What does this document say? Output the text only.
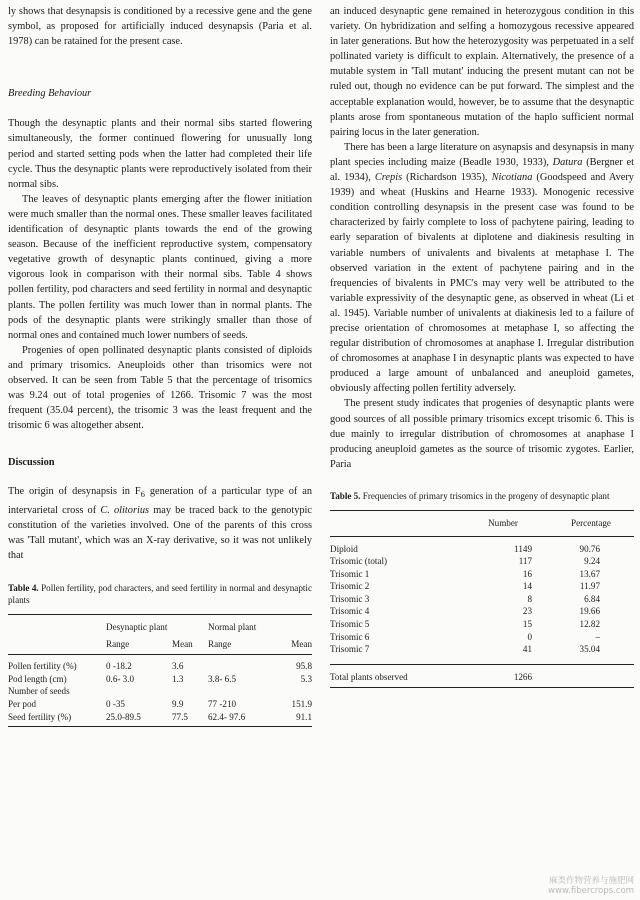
ly shows that desynapsis is conditioned by a recessive gene and the gene symbol, as proposed for artificially induced desynapsis (Paria et al. 1978) can be ratained for the present case.

Breeding Behaviour

Though the desynaptic plants and their normal sibs started flowering simultaneously, the former continued flowering for unusually long period and started setting pods when the latter had completed their life cycle. Thus the desynaptic plants were reproductively isolated from their normal sibs.

The leaves of desynaptic plants emerging after the flower initiation were much smaller than the normal ones. These smaller leaves facilitated identification of desynaptic plants towards the end of the growing season. Because of the inefficient reproductive system, compensatory vegetative growth of desynaptic plants continued, giving a more vigorous look in comparison with their normal sibs. Table 4 shows pollen fertility, pod characters and seed fertility in normal and desynaptic plants. The pollen fertility was much lower than in normal plants. The pods of the desynaptic plants were strikingly smaller than those of normal ones and contained much lower numbers of seeds.

Progenies of open pollinated desynaptic plants consisted of diploids and primary trisomics. Aneuploids other than trisomics were not observed. It can be seen from Table 5 that the percentage of trisomics was 9.24 out of total progenies of 1266. Trisomic 7 was the most frequent (35.04 percent), the trisomic 3 was the least frequent and the trisomic 6 was altogether absent.

Discussion

The origin of desynapsis in $F_6$ generation of a particular type of an intervarietal cross of C. olitorius may be traced back to the genotypic constitution of the varieties involved. One of the parents of this cross was 'Tall mutant', which was an X-ray derivative, so it was not unlikely that

Table 4. Pollen fertility, pod characters, and seed fertility in normal and desynaptic plants

	Desynaptic plant		Normal plant	
	Range	Mean	Range	Mean
Pollen fertility (%)	0 -18.2	3.6		95.8
Pod length (cm)	0.6- 3.0	1.3	3.8- 6.5	5.3
Number of seeds				
Per pod	0 -35	9.9	77 -210	151.9
Seed fertility (%)	25.0-89.5	77.5	62.4- 97.6	91.1

an induced desynaptic gene remained in heterozygous condition in this variety. On hybridization and selfing a homozygous recessive appeared in later generations. But how the heterozygosity was perpetuated in a self pollinated variety is difficult to explain. Alternatively, the presence of a mutable system in 'Tall mutant' inducing the present mutant can not be ruled out, though no evidence can be put forward. The simplest and the acceptable explanation would, however, be to assume that the desynaptic plants arose from spontaneous mutation of the haplo sufficient normal pairing locus in the later generation.

There has been a large literature on asynapsis and desynapsis in many plant species including maize (Beadle 1930, 1933), Datura (Bergner et al. 1934), Crepis (Richardson 1935), Nicotiana (Goodspeed and Avery 1939) and wheat (Huskins and Hearne 1933). Monogenic recessive condition controlling desynapsis in the present case was found to be characterized by fairly complete to loss of pachytene pairing, leading to early separation of bivalents at diplotene and diakinesis resulting in variable numbers of univalents and bivalents at metaphase I. The observed variation in the extent of pachytene pairing and in the frequencies of bivalents in PMC's may very well be attributed to the variable expressivity of the desynaptic gene, as observed in wheat (Li et al. 1945). Variable number of univalents at diakinesis led to a failure of precise orientation of chromosomes at metaphase I, so affecting the regular distribution of chromosomes at anaphase I. Irregular distribution of chromosomes at anaphase I in desynaptic plants was expected to have produced a large amount of unbalanced and aneuploid gametes, obviously affecting pollen fertility adversely.

The present study indicates that progenies of desynaptic plants were good sources of all possible primary trisomics except trisomic 6. This is due mainly to irregular distribution of chromosomes at anaphase I producing aneuploid gametes as the source of trisomic zygotes. Earlier, Paria

Table 5. Frequencies of primary trisomics in the progeny of desynaptic plant

	Number	Percentage
Diploid	1149	90.76
Trisomic (total)	117	9.24
Trisomic 1	16	13.67
Trisomic 2	14	11.97
Trisomic 3	8	6.84
Trisomic 4	23	19.66
Trisomic 5	15	12.82
Trisomic 6	0	–
Trisomic 7	41	35.04
Total plants observed	1266	

麻类作物营养与施肥网
www.fibercrops.com
